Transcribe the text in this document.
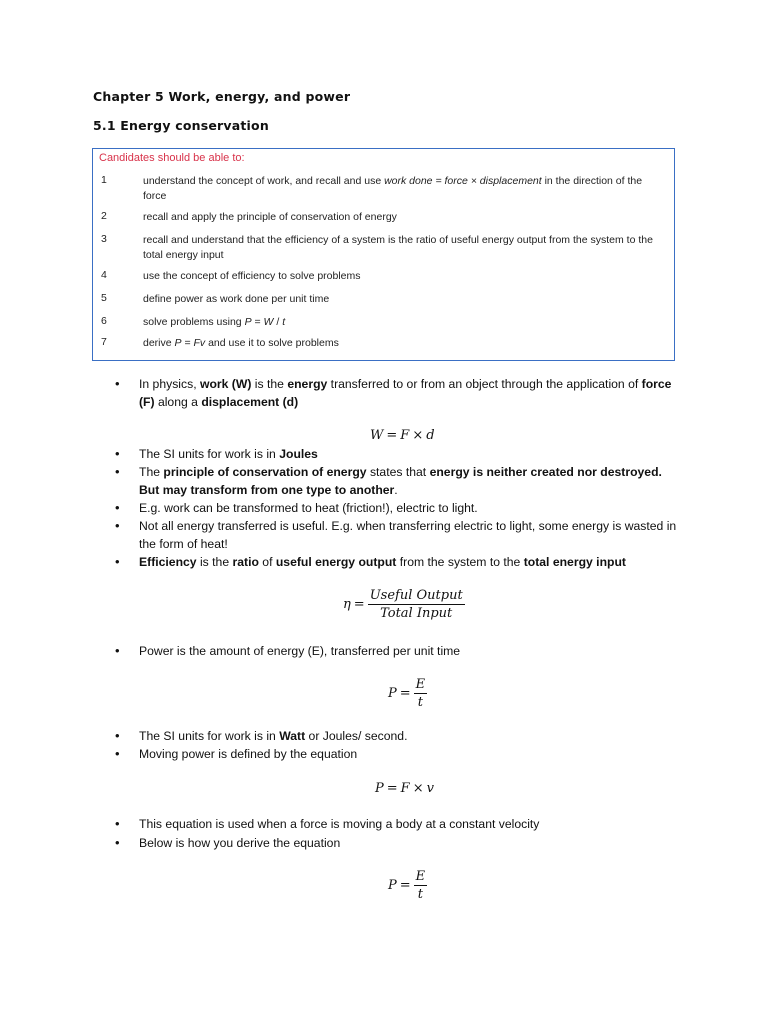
Chapter 5 Work, energy, and power
5.1 Energy conservation
Candidates should be able to:
1	understand the concept of work, and recall and use work done = force × displacement in the direction of the force
2	recall and apply the principle of conservation of energy
3	recall and understand that the efficiency of a system is the ratio of useful energy output from the system to the total energy input
4	use the concept of efficiency to solve problems
5	define power as work done per unit time
6	solve problems using P = W / t
7	derive P = Fv and use it to solve problems
• In physics, work (W) is the energy transferred to or from an object through the application of force (F) along a displacement (d)
• The SI units for work is in Joules
• The principle of conservation of energy states that energy is neither created nor destroyed. But may transform from one type to another.
• E.g. work can be transformed to heat (friction!), electric to light.
• Not all energy transferred is useful. E.g. when transferring electric to light, some energy is wasted in the form of heat!
• Efficiency is the ratio of useful energy output from the system to the total energy input
• Power is the amount of energy (E), transferred per unit time
• The SI units for work is in Watt or Joules/ second.
• Moving power is defined by the equation
• This equation is used when a force is moving a body at a constant velocity
• Below is how you derive the equation
W = F × d
$\eta = \frac{\text{Useful Output}}{\text{Total Input}}$
$P = \frac{E}{t}$
P = F × v
$P = \frac{E}{t}$
